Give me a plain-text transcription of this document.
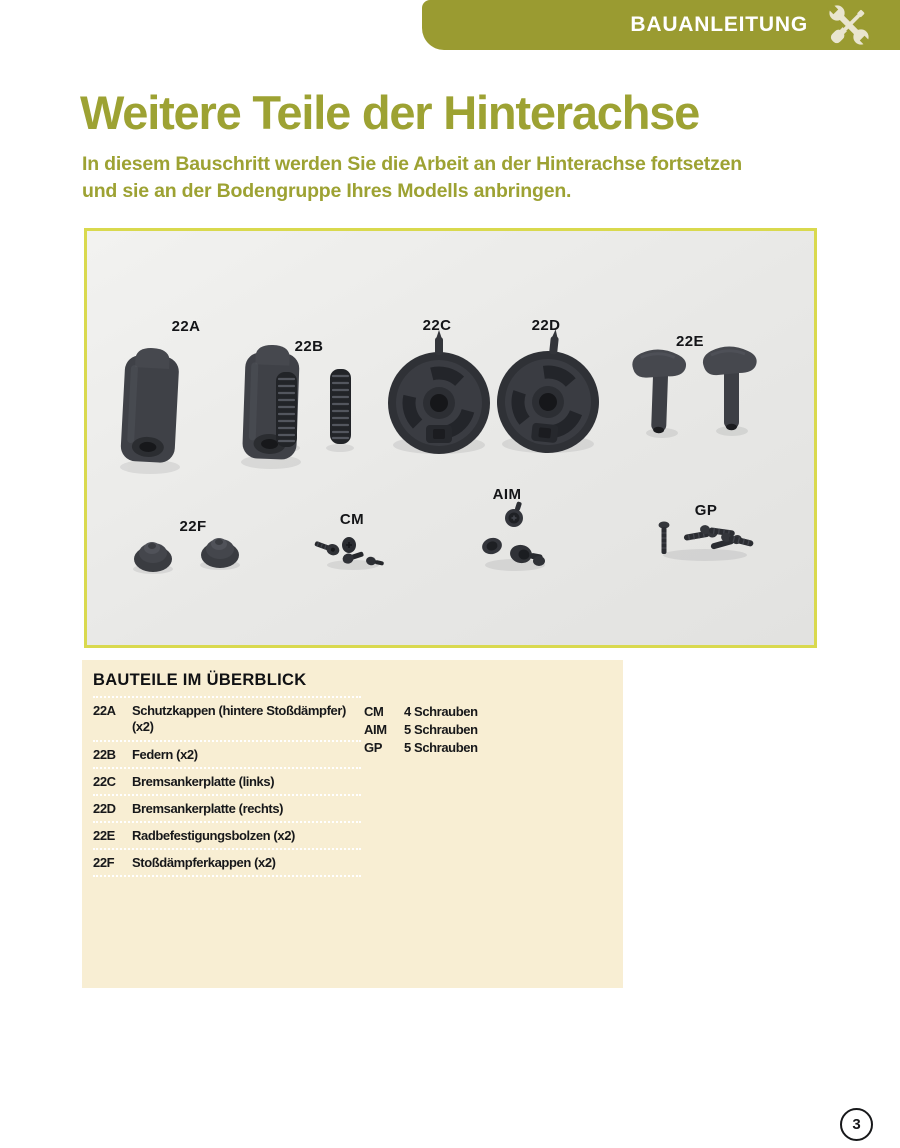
BAUANLEITUNG
Weitere Teile der Hinterachse

In diesem Bauschritt werden Sie die Arbeit an der Hinterachse fortsetzen
und sie an der Bodengruppe Ihres Modells anbringen.

22A
22B
22C	22D
22E
22F	CM
AIM
GP
BAUTEILE IM ÜBERBLICK
22A	Schutzkappen (hintere Stoßdämpfer) (x2)
22B	Federn (x2)
22C	Bremsankerplatte (links)
22D	Bremsankerplatte (rechts)
22E	Radbefestigungsbolzen (x2)
22F	Stoßdämpferkappen (x2)
CM	4 Schrauben
AIM	5 Schrauben
GP	5 Schrauben
3
